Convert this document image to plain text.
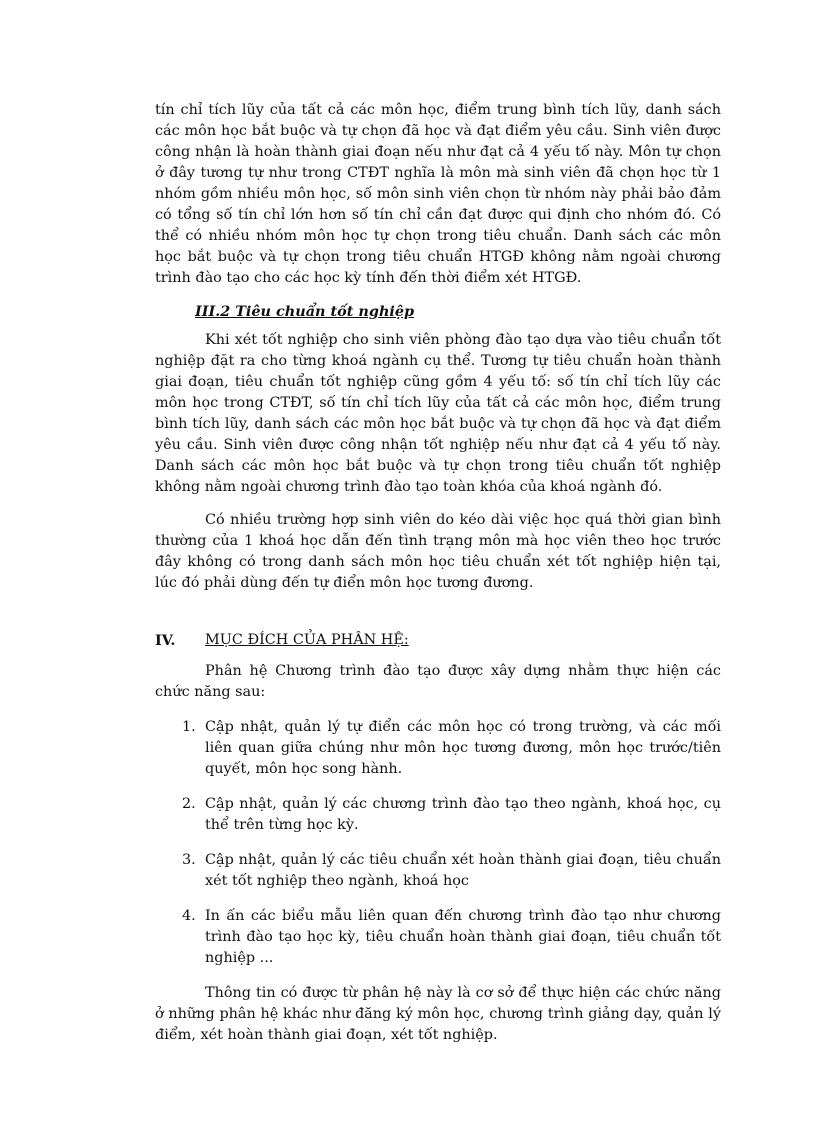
tín chỉ tích lũy của tất cả các môn học, điểm trung bình tích lũy, danh sách các môn học bắt buộc và tự chọn đã học và đạt điểm yêu cầu. Sinh viên được công nhận là hoàn thành giai đoạn nếu như đạt cả 4 yếu tố này. Môn tự chọn ở đây tương tự như trong CTĐT nghĩa là môn mà sinh viên đã chọn học từ 1 nhóm gồm nhiều môn học, số môn sinh viên chọn từ nhóm này phải bảo đảm có tổng số tín chỉ lớn hơn số tín chỉ cần đạt được qui định cho nhóm đó. Có thể có nhiều nhóm môn học tự chọn trong tiêu chuẩn. Danh sách các môn học bắt buộc và tự chọn trong tiêu chuẩn HTGĐ không nằm ngoài chương trình đào tạo cho các học kỳ tính đến thời điểm xét HTGĐ.

III.2 Tiêu chuẩn tốt nghiệp

Khi xét tốt nghiệp cho sinh viên phòng đào tạo dựa vào tiêu chuẩn tốt nghiệp đặt ra cho từng khoá ngành cụ thể. Tương tự tiêu chuẩn hoàn thành giai đoạn, tiêu chuẩn tốt nghiệp cũng gồm 4 yếu tố: số tín chỉ tích lũy các môn học trong CTĐT, số tín chỉ tích lũy của tất cả các môn học, điểm trung bình tích lũy, danh sách các môn học bắt buộc và tự chọn đã học và đạt điểm yêu cầu. Sinh viên được công nhận tốt nghiệp nếu như đạt cả 4 yếu tố này. Danh sách các môn học bắt buộc và tự chọn trong tiêu chuẩn tốt nghiệp không nằm ngoài chương trình đào tạo toàn khóa của khoá ngành đó.

Có nhiều trường hợp sinh viên do kéo dài việc học quá thời gian bình thường của 1 khoá học dẫn đến tình trạng môn mà học viên theo học trước đây không có trong danh sách môn học tiêu chuẩn xét tốt nghiệp hiện tại, lúc đó phải dùng đến tự điển môn học tương đương.

IV.	MỤC ĐÍCH CỦA PHÂN HỆ:

Phân hệ Chương trình đào tạo được xây dựng nhằm thực hiện các chức năng sau:

1. Cập nhật, quản lý tự điển các môn học có trong trường, và các mối liên quan giữa chúng như môn học tương đương, môn học trước/tiên quyết, môn học song hành.
2. Cập nhật, quản lý các chương trình đào tạo theo ngành, khoá học, cụ thể trên từng học kỳ.
3. Cập nhật, quản lý các tiêu chuẩn xét hoàn thành giai đoạn, tiêu chuẩn xét tốt nghiệp theo ngành, khoá học
4. In ấn các biểu mẫu liên quan đến chương trình đào tạo như chương trình đào tạo học kỳ, tiêu chuẩn hoàn thành giai đoạn, tiêu chuẩn tốt nghiệp ...

Thông tin có được từ phân hệ này là cơ sở để thực hiện các chức năng ở những phân hệ khác như đăng ký môn học, chương trình giảng dạy, quản lý điểm, xét hoàn thành giai đoạn, xét tốt nghiệp.
